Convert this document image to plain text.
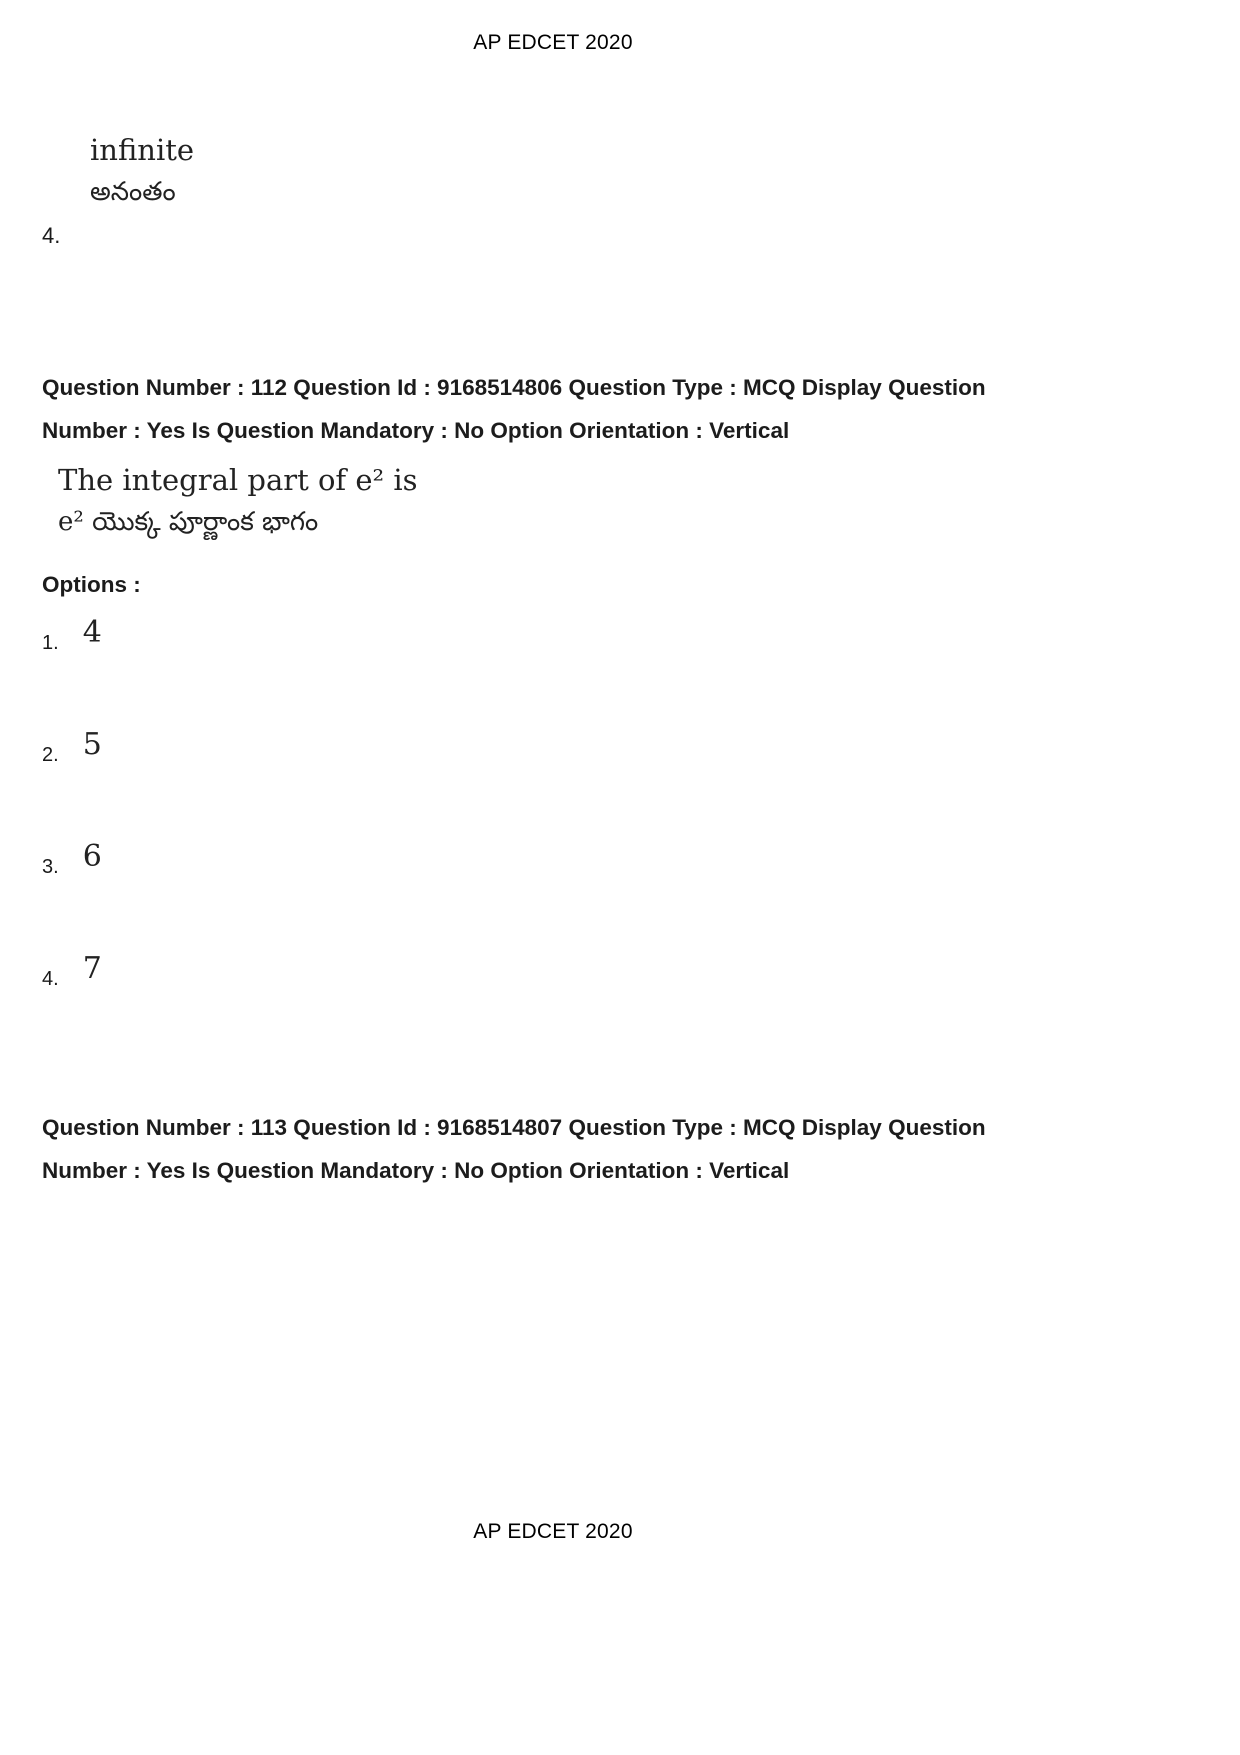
AP EDCET 2020
infinite
అనంతం
4.
Question Number : 112 Question Id : 9168514806 Question Type : MCQ Display Question
Number : Yes Is Question Mandatory : No Option Orientation : Vertical
The integral part of e² is
e² యొక్క పూర్ణాంక భాగం
Options :
1. 4
2. 5
3. 6
4. 7
Question Number : 113 Question Id : 9168514807 Question Type : MCQ Display Question
Number : Yes Is Question Mandatory : No Option Orientation : Vertical
AP EDCET 2020
